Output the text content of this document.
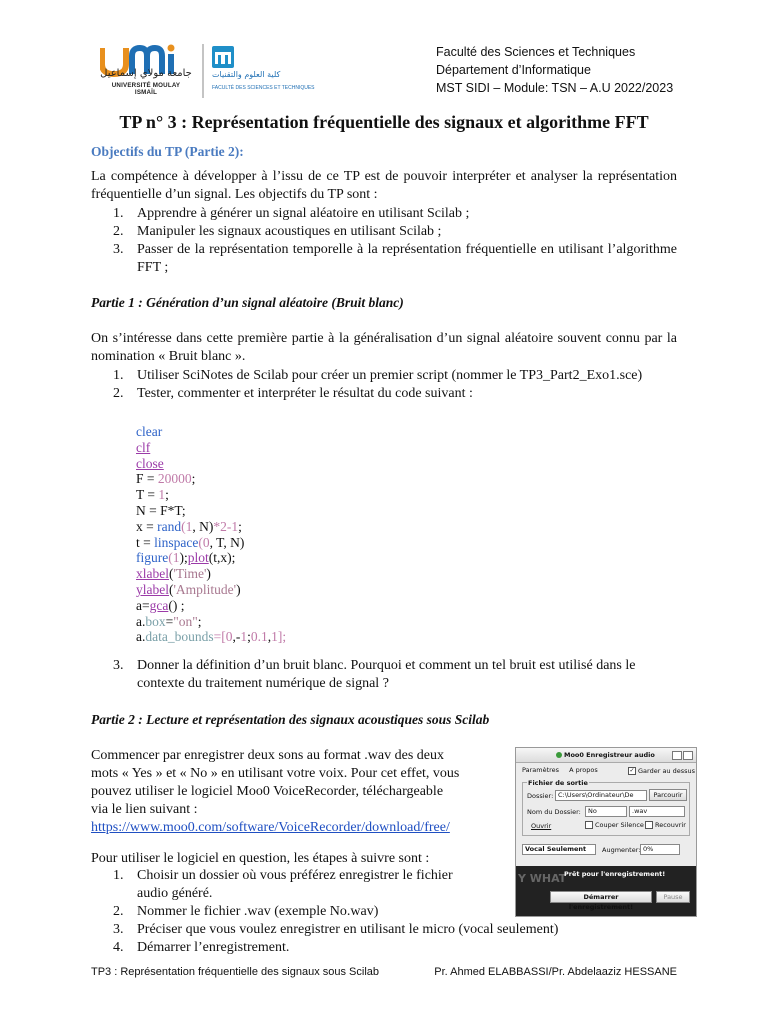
جامعة مولاي إسماعيل
UNIVERSITÉ MOULAY ISMAÏL
كلية العلوم والتقنيات
FACULTÉ DES SCIENCES ET TECHNIQUES
Faculté des Sciences et Techniques
Département d’Informatique
MST SIDI – Module: TSN – A.U 2022/2023
TP n° 3 : Représentation fréquentielle des signaux et algorithme FFT
Objectifs du TP (Partie 2):
La compétence à développer à l’issu de ce TP est de pouvoir interpréter et analyser la représentation fréquentielle d’un signal. Les objectifs du TP sont :
1. Apprendre à générer un signal aléatoire en utilisant Scilab ;
2. Manipuler les signaux acoustiques en utilisant Scilab ;
3. Passer de la représentation temporelle à la représentation fréquentielle en utilisant l’algorithme FFT ;
Partie 1 : Génération d’un signal aléatoire (Bruit blanc)
On s’intéresse dans cette première partie à la généralisation d’un signal aléatoire souvent connu par la nomination « Bruit blanc ».
1. Utiliser SciNotes de Scilab pour créer un premier script (nommer le TP3_Part2_Exo1.sce)
2. Tester, commenter et interpréter le résultat du code suivant :
clear
clf
close
F = 20000;
T = 1;
N = F*T;
x = rand(1, N)*2-1;
t = linspace(0, T, N)
figure(1);plot(t,x);
xlabel('Time')
ylabel('Amplitude')
a=gca() ;
a.box="on";
a.data_bounds=[0,-1;0.1,1];
3. Donner la définition d’un bruit blanc. Pourquoi et comment un tel bruit est utilisé dans le contexte du traitement numérique de signal ?
Partie 2 : Lecture et représentation des signaux acoustiques sous Scilab
Commencer par enregistrer deux sons au format .wav des deux
mots « Yes » et « No » en utilisant votre voix. Pour cet effet, vous
pouvez utiliser le logiciel Moo0 VoiceRecorder, téléchargeable
via le lien suivant :
https://www.moo0.com/software/VoiceRecorder/download/free/
Pour utiliser le logiciel en question, les étapes à suivre sont :
1. Choisir un dossier où vous préférez enregistrer le fichier
audio généré.
2. Nommer le fichier .wav (exemple No.wav)
3. Préciser que vous voulez enregistrer en utilisant le micro (vocal seulement)
4. Démarrer l’enregistrement.
Moo0 Enregistreur audio
Paramètres A propos	✓ Garder au dessus
Fichier de sortie
Dossier: C:\Users\Ordinateur\De	Parcourir
Nom du Dossier:	No	.wav
Ouvrir	Couper Silence	Recouvrir
Vocal Seulement	Augmenter: 0%
Y WHAT
Prêt pour l'enregistrement!
Démarrer l'enregistrement!
Pause
TP3 : Représentation fréquentielle des signaux sous Scilab	Pr. Ahmed ELABBASSI/Pr. Abdelaaziz HESSANE
